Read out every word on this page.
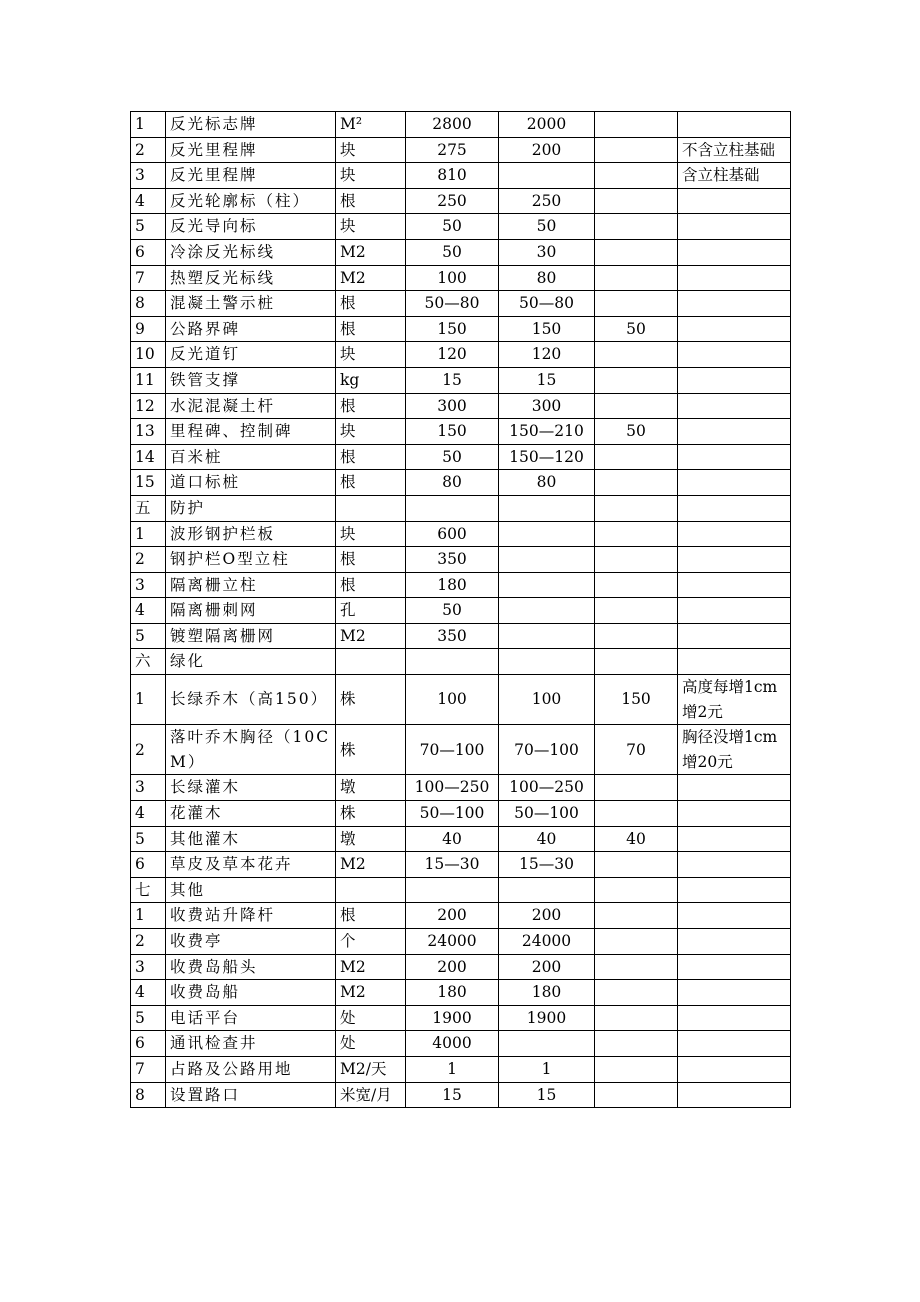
1	反光标志牌	M²	2800	2000		
2	反光里程牌	块	275	200		不含立柱基础
3	反光里程牌	块	810			含立柱基础
4	反光轮廓标（柱）	根	250	250		
5	反光导向标	块	50	50		
6	冷涂反光标线	M2	50	30		
7	热塑反光标线	M2	100	80		
8	混凝土警示桩	根	50—80	50—80		
9	公路界碑	根	150	150	50	
10	反光道钉	块	120	120		
11	铁管支撑	kg	15	15		
12	水泥混凝土杆	根	300	300		
13	里程碑、控制碑	块	150	150—210	50	
14	百米桩	根	50	150—120		
15	道口标桩	根	80	80		
五	防护					
1	波形钢护栏板	块	600			
2	钢护栏O型立柱	根	350			
3	隔离栅立柱	根	180			
4	隔离栅刺网	孔	50			
5	镀塑隔离栅网	M2	350			
六	绿化					
1	长绿乔木（高150）	株	100	100	150	高度每增1cm增2元
2	落叶乔木胸径（10CM）	株	70—100	70—100	70	胸径没增1cm增20元
3	长绿灌木	墩	100—250	100—250		
4	花灌木	株	50—100	50—100		
5	其他灌木	墩	40	40	40	
6	草皮及草本花卉	M2	15—30	15—30		
七	其他					
1	收费站升降杆	根	200	200		
2	收费亭	个	24000	24000		
3	收费岛船头	M2	200	200		
4	收费岛船	M2	180	180		
5	电话平台	处	1900	1900		
6	通讯检查井	处	4000			
7	占路及公路用地	M2/天	1	1		
8	设置路口	米宽/月	15	15		
